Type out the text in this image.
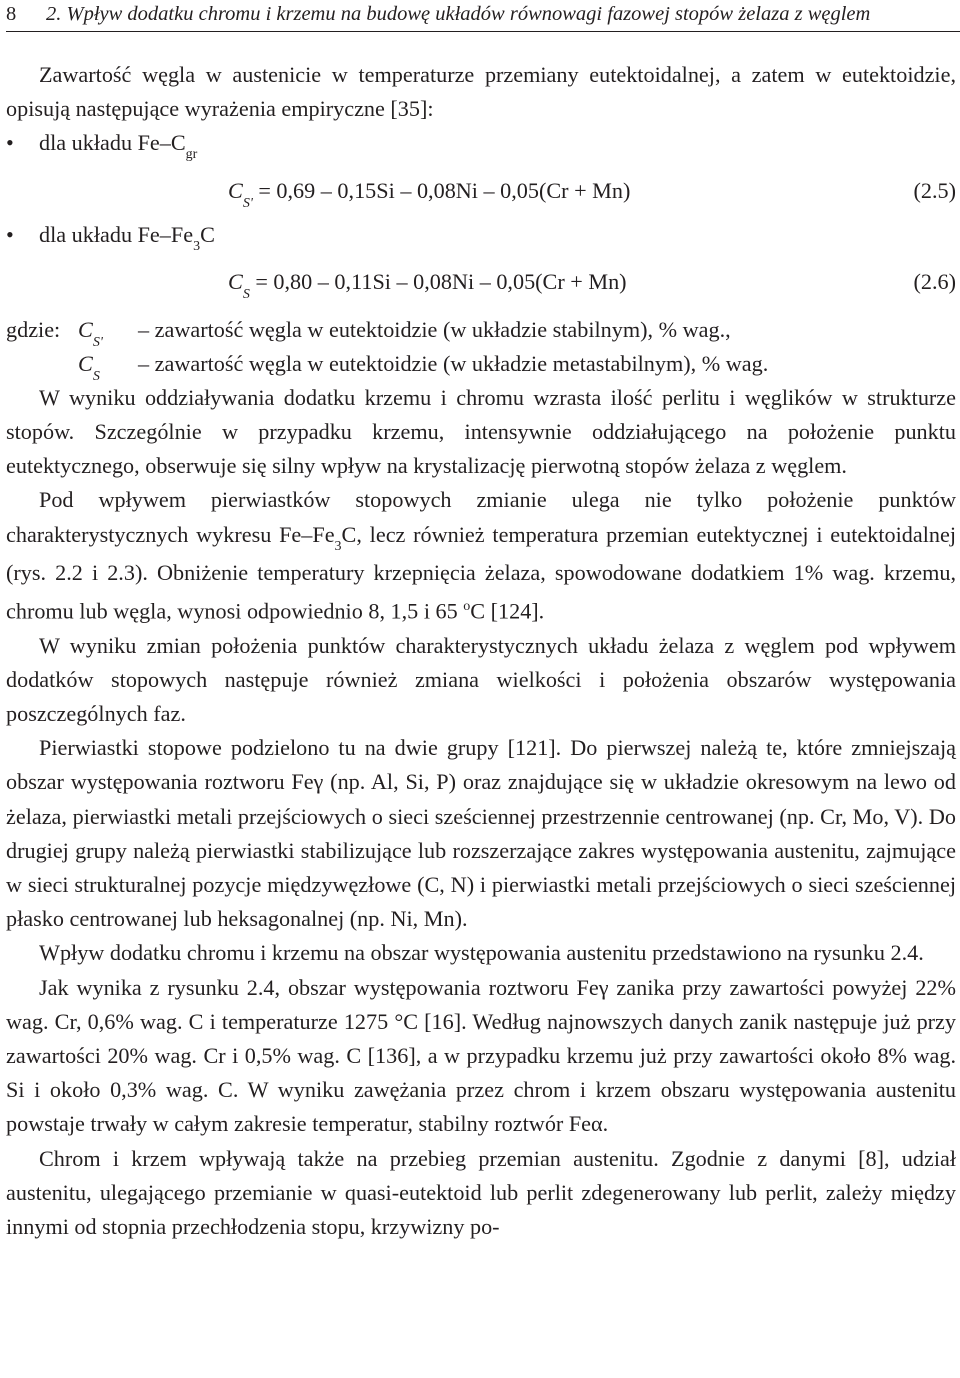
8 2. Wpływ dodatku chromu i krzemu na budowę układów równowagi fazowej stopów żelaza z węglem

Zawartość węgla w austenicie w temperaturze przemiany eutektoidalnej, a zatem w eutektoidzie, opisują następujące wyrażenia empiryczne [35]:

• dla układu $Fe-C_{gr}$
$C_{S'} = 0,69 - 0,15Si - 0,08Ni - 0,05(Cr + Mn)$	(2.5)
• dla układu $Fe-Fe_3C$
$C_S = 0,80 - 0,11Si - 0,08Ni - 0,05(Cr + Mn)$	(2.6)
gdzie: $C_{S'}$
– zawartość węgla w eutektoidzie (w układzie stabilnym), % wag.,
$C_S$
– zawartość węgla w eutektoidzie (w układzie metastabilnym), % wag.

W wyniku oddziaływania dodatku krzemu i chromu wzrasta ilość perlitu i węglików w strukturze stopów. Szczególnie w przypadku krzemu, intensywnie oddziałującego na położenie punktu eutektycznego, obserwuje się silny wpływ na krystalizację pierwotną stopów żelaza z węglem.

Pod wpływem pierwiastków stopowych zmianie ulega nie tylko położenie punktów charakterystycznych wykresu $Fe-Fe_3C$, lecz również temperatura przemian eutektycznej i eutektoidalnej (rys. 2.2 i 2.3). Obniżenie temperatury krzepnięcia żelaza, spowodowane dodatkiem 1% wag. krzemu, chromu lub węgla, wynosi odpowiednio 8, 1,5 i 65 $^o$C [124].

W wyniku zmian położenia punktów charakterystycznych układu żelaza z węglem pod wpływem dodatków stopowych następuje również zmiana wielkości i położenia obszarów występowania poszczególnych faz.

Pierwiastki stopowe podzielono tu na dwie grupy [121]. Do pierwszej należą te, które zmniejszają obszar występowania roztworu Feγ (np. Al, Si, P) oraz znajdujące się w układzie okresowym na lewo od żelaza, pierwiastki metali przejściowych o sieci sześciennej przestrzennie centrowanej (np. Cr, Mo, V). Do drugiej grupy należą pierwiastki stabilizujące lub rozszerzające zakres występowania austenitu, zajmujące w sieci strukturalnej pozycje międzywęzłowe (C, N) i pierwiastki metali przejściowych o sieci sześciennej płasko centrowanej lub heksagonalnej (np. Ni, Mn).

Wpływ dodatku chromu i krzemu na obszar występowania austenitu przedstawiono na rysunku 2.4.

Jak wynika z rysunku 2.4, obszar występowania roztworu Feγ zanika przy zawartości powyżej 22% wag. Cr, 0,6% wag. C i temperaturze 1275 °C [16]. Według najnowszych danych zanik następuje już przy zawartości 20% wag. Cr i 0,5% wag. C [136], a w przypadku krzemu już przy zawartości około 8% wag. Si i około 0,3% wag. C. W wyniku zawężania przez chrom i krzem obszaru występowania austenitu powstaje trwały w całym zakresie temperatur, stabilny roztwór Feα.

Chrom i krzem wpływają także na przebieg przemian austenitu. Zgodnie z danymi [8], udział austenitu, ulegającego przemianie w quasi-eutektoid lub perlit zdegenerowany lub perlit, zależy między innymi od stopnia przechłodzenia stopu, krzywizny po-
